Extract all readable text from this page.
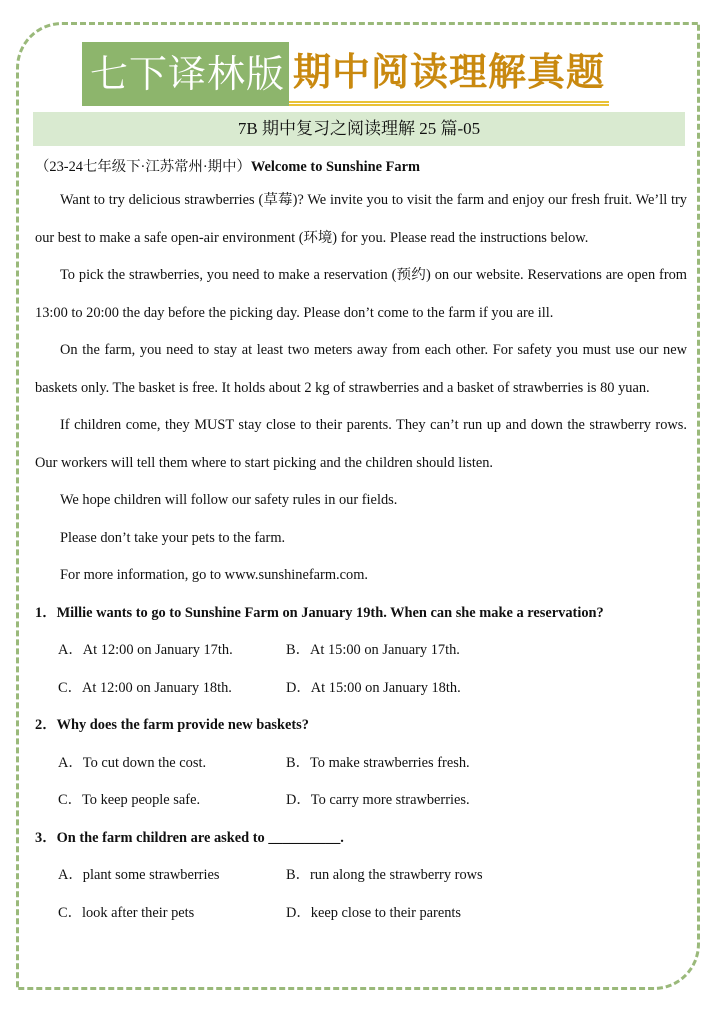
七下译林版 期中阅读理解真题
7B 期中复习之阅读理解 25 篇-05
（23-24七年级下·江苏常州·期中）Welcome to Sunshine Farm

Want to try delicious strawberries (草莓)? We invite you to visit the farm and enjoy our fresh fruit. We’ll try our best to make a safe open-air environment (环境) for you. Please read the instructions below.

To pick the strawberries, you need to make a reservation (预约) on our website. Reservations are open from 13:00 to 20:00 the day before the picking day. Please don’t come to the farm if you are ill.

On the farm, you need to stay at least two meters away from each other. For safety you must use our new baskets only. The basket is free. It holds about 2 kg of strawberries and a basket of strawberries is 80 yuan.

If children come, they MUST stay close to their parents. They can’t run up and down the strawberry rows. Our workers will tell them where to start picking and the children should listen.

We hope children will follow our safety rules in our fields.

Please don’t take your pets to the farm.

For more information, go to www.sunshinefarm.com.

1．Millie wants to go to Sunshine Farm on January 19th. When can she make a reservation?
A．At 12:00 on January 17th.	B．At 15:00 on January 17th.
C．At 12:00 on January 18th.	D．At 15:00 on January 18th.
2．Why does the farm provide new baskets?
A．To cut down the cost.	B．To make strawberries fresh.
C．To keep people safe.	D．To carry more strawberries.
3．On the farm children are asked to __________.
A．plant some strawberries	B．run along the strawberry rows
C．look after their pets	D．keep close to their parents
